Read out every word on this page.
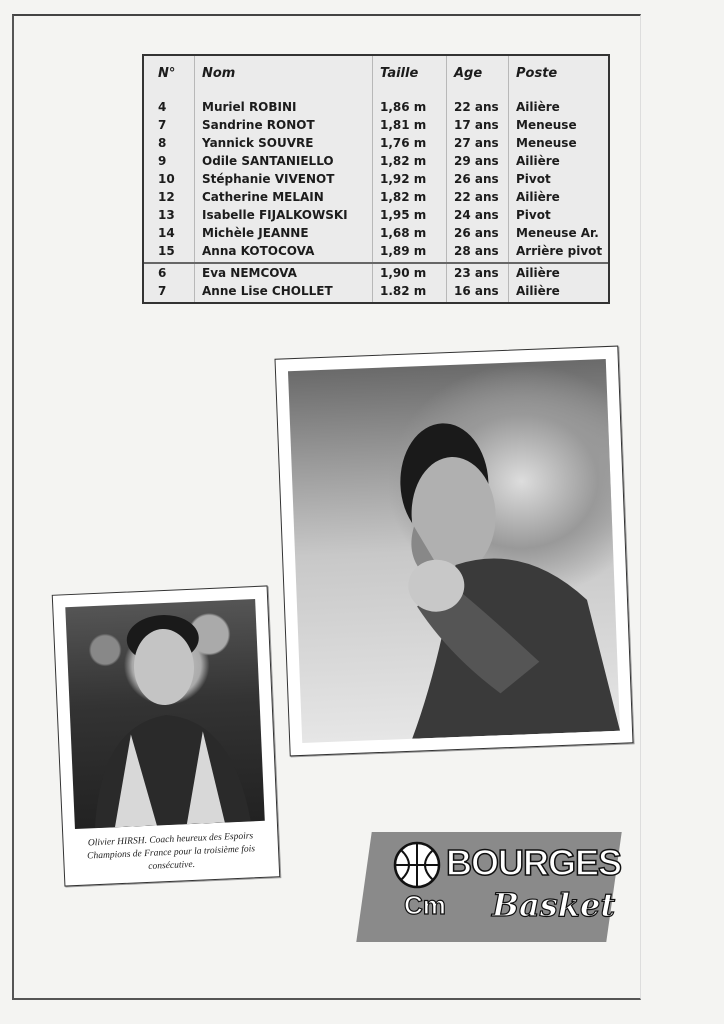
N° Nom	Taille	Age	Poste
4	Muriel ROBINI	1,86 m 22 ans Ailière
7	Sandrine RONOT	1,81 m 17 ans Meneuse
8	Yannick SOUVRE	1,76 m 27 ans Meneuse
9	Odile SANTANIELLO	1,82 m 29 ans Ailière
10 Stéphanie VIVENOT	1,92 m 26 ans Pivot
12 Catherine MELAIN	1,82 m 22 ans Ailière
13 Isabelle FIJALKOWSKI	1,95 m 24 ans Pivot
14 Michèle JEANNE	1,68 m 26 ans Meneuse Ar.
15 Anna KOTOCOVA	1,89 m 28 ans Arrière pivot
6	Eva NEMCOVA	1,90 m 23 ans Ailière
7	Anne Lise CHOLLET	1.82 m 16 ans Ailière
Olivier HIRSH. Coach heureux des Espoirs
Champions de France pour la troisième fois consécutive.	BOURGES
Cm Basket
